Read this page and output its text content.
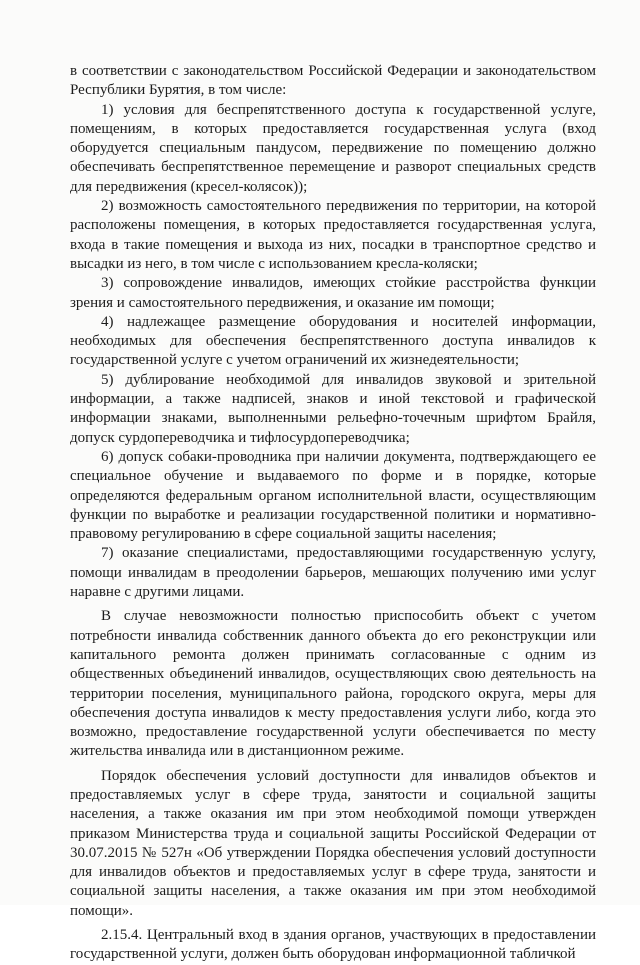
в соответствии с законодательством Российской Федерации и законодательством Республики Бурятия, в том числе:

1) условия для беспрепятственного доступа к государственной услуге, помещениям, в которых предоставляется государственная услуга (вход оборудуется специальным пандусом, передвижение по помещению должно обеспечивать беспрепятственное перемещение и разворот специальных средств для передвижения (кресел-колясок));

2) возможность самостоятельного передвижения по территории, на которой расположены помещения, в которых предоставляется государственная услуга, входа в такие помещения и выхода из них, посадки в транспортное средство и высадки из него, в том числе с использованием кресла-коляски;

3) сопровождение инвалидов, имеющих стойкие расстройства функции зрения и самостоятельного передвижения, и оказание им помощи;

4) надлежащее размещение оборудования и носителей информации, необходимых для обеспечения беспрепятственного доступа инвалидов к государственной услуге с учетом ограничений их жизнедеятельности;

5) дублирование необходимой для инвалидов звуковой и зрительной информации, а также надписей, знаков и иной текстовой и графической информации знаками, выполненными рельефно-точечным шрифтом Брайля, допуск сурдопереводчика и тифлосурдопереводчика;

6) допуск собаки-проводника при наличии документа, подтверждающего ее специальное обучение и выдаваемого по форме и в порядке, которые определяются федеральным органом исполнительной власти, осуществляющим функции по выработке и реализации государственной политики и нормативно-правовому регулированию в сфере социальной защиты населения;

7) оказание специалистами, предоставляющими государственную услугу, помощи инвалидам в преодолении барьеров, мешающих получению ими услуг наравне с другими лицами.

В случае невозможности полностью приспособить объект с учетом потребности инвалида собственник данного объекта до его реконструкции или капитального ремонта должен принимать согласованные с одним из общественных объединений инвалидов, осуществляющих свою деятельность на территории поселения, муниципального района, городского округа, меры для обеспечения доступа инвалидов к месту предоставления услуги либо, когда это возможно, предоставление государственной услуги обеспечивается по месту жительства инвалида или в дистанционном режиме.

Порядок обеспечения условий доступности для инвалидов объектов и предоставляемых услуг в сфере труда, занятости и социальной защиты населения, а также оказания им при этом необходимой помощи утвержден приказом Министерства труда и социальной защиты Российской Федерации от 30.07.2015 № 527н «Об утверждении Порядка обеспечения условий доступности для инвалидов объектов и предоставляемых услуг в сфере труда, занятости и социальной защиты населения, а также оказания им при этом необходимой помощи».

2.15.4. Центральный вход в здания органов, участвующих в предоставлении государственной услуги, должен быть оборудован информационной табличкой
